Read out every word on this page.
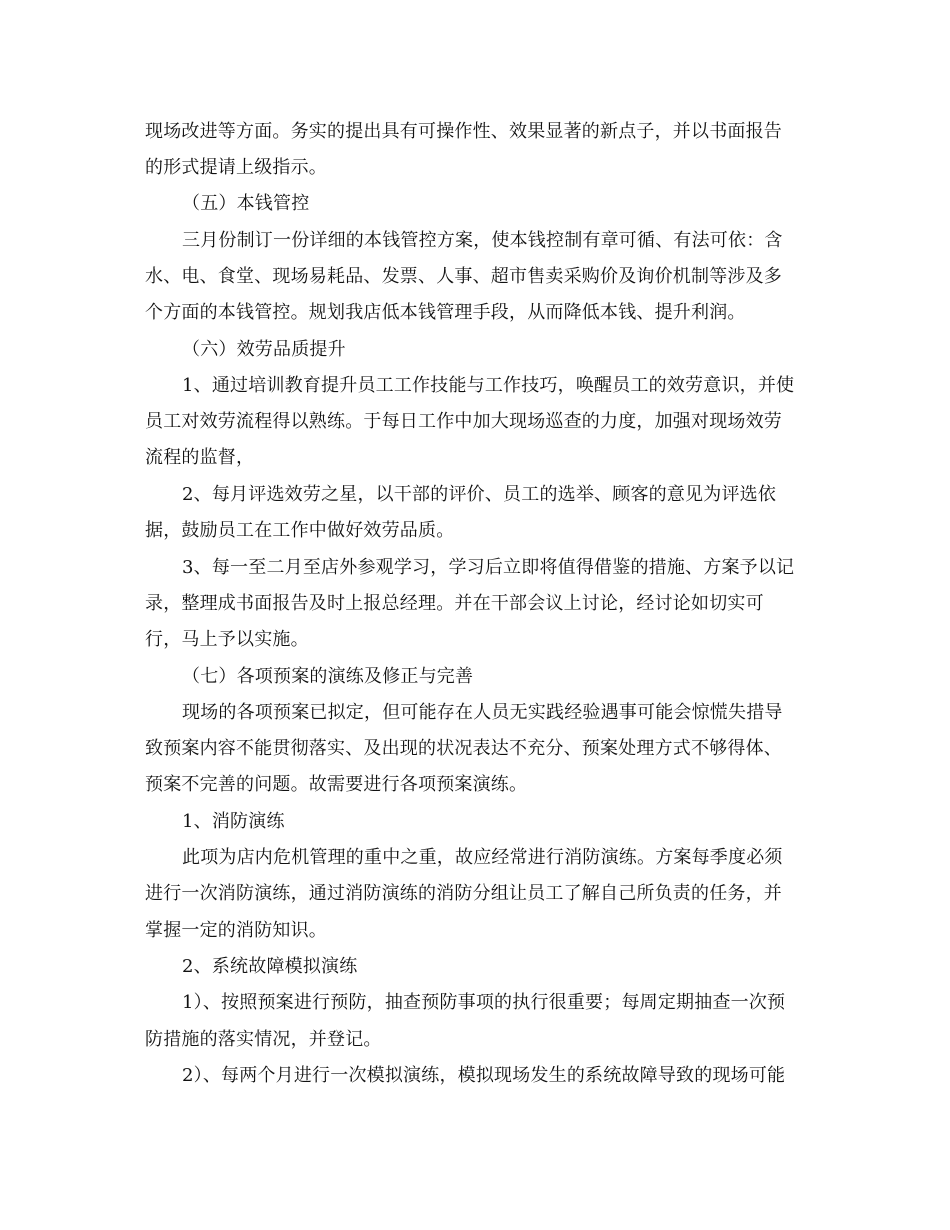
现场改进等方面。务实的提出具有可操作性、效果显著的新点子，并以书面报告
的形式提请上级指示。
（五）本钱管控
三月份制订一份详细的本钱管控方案，使本钱控制有章可循、有法可依：含
水、电、食堂、现场易耗品、发票、人事、超市售卖采购价及询价机制等涉及多
个方面的本钱管控。规划我店低本钱管理手段，从而降低本钱、提升利润。
（六）效劳品质提升
1、通过培训教育提升员工工作技能与工作技巧，唤醒员工的效劳意识，并使
员工对效劳流程得以熟练。于每日工作中加大现场巡查的力度，加强对现场效劳
流程的监督，
2、每月评选效劳之星，以干部的评价、员工的选举、顾客的意见为评选依
据，鼓励员工在工作中做好效劳品质。
3、每一至二月至店外参观学习，学习后立即将值得借鉴的措施、方案予以记
录，整理成书面报告及时上报总经理。并在干部会议上讨论，经讨论如切实可
行，马上予以实施。
（七）各项预案的演练及修正与完善
现场的各项预案已拟定，但可能存在人员无实践经验遇事可能会惊慌失措导
致预案内容不能贯彻落实、及出现的状况表达不充分、预案处理方式不够得体、
预案不完善的问题。故需要进行各项预案演练。
1、消防演练
此项为店内危机管理的重中之重，故应经常进行消防演练。方案每季度必须
进行一次消防演练，通过消防演练的消防分组让员工了解自己所负责的任务，并
掌握一定的消防知识。
2、系统故障模拟演练
1）、按照预案进行预防，抽查预防事项的执行很重要；每周定期抽查一次预
防措施的落实情况，并登记。
2）、每两个月进行一次模拟演练，模拟现场发生的系统故障导致的现场可能
